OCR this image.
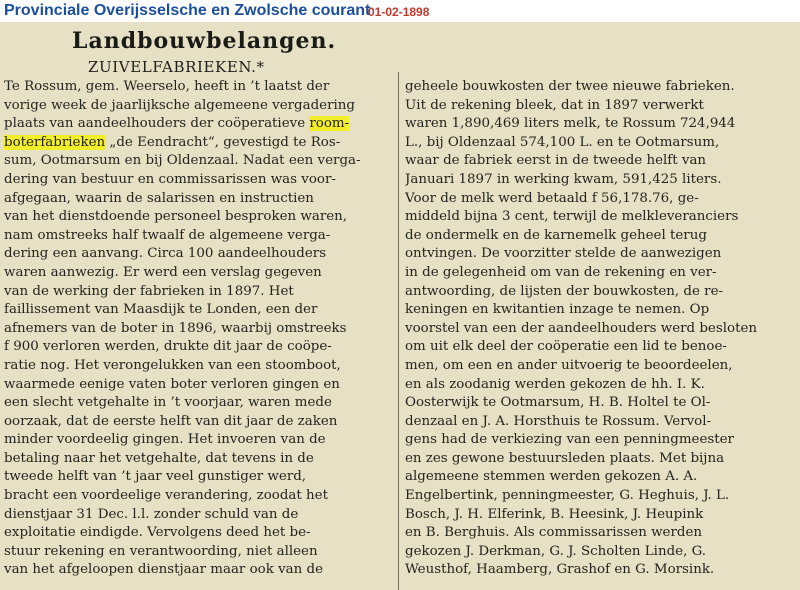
Provinciale Overijsselsche en Zwolsche courant
01-02-1898
Landbouwbelangen.
ZUIVELFABRIEKEN.*
Te Rossum, gem. Weerselo, heeft in ’t laatst der
vorige week de jaarlijksche algemeene vergadering
plaats van aandeelhouders der coöperatieve room-
boterfabrieken „de Eendracht“, gevestigd te Ros-
sum, Ootmarsum en bij Oldenzaal. Nadat een verga-
dering van bestuur en commissarissen was voor-
afgegaan, waarin de salarissen en instructien
van het dienstdoende personeel besproken waren,
nam omstreeks half twaalf de algemeene verga-
dering een aanvang. Circa 100 aandeelhouders
waren aanwezig. Er werd een verslag gegeven
van de werking der fabrieken in 1897. Het
faillissement van Maasdijk te Londen, een der
afnemers van de boter in 1896, waarbij omstreeks
f 900 verloren werden, drukte dit jaar de coöpe-
ratie nog. Het verongelukken van een stoomboot,
waarmede eenige vaten boter verloren gingen en
een slecht vetgehalte in ’t voorjaar, waren mede
oorzaak, dat de eerste helft van dit jaar de zaken
minder voordeelig gingen. Het invoeren van de
betaling naar het vetgehalte, dat tevens in de
tweede helft van ’t jaar veel gunstiger werd,
bracht een voordeelige verandering, zoodat het
dienstjaar 31 Dec. l.l. zonder schuld van de
exploitatie eindigde. Vervolgens deed het be-
stuur rekening en verantwoording, niet alleen
van het afgeloopen dienstjaar maar ook van de
geheele bouwkosten der twee nieuwe fabrieken.
Uit de rekening bleek, dat in 1897 verwerkt
waren 1,890,469 liters melk, te Rossum 724,944
L., bij Oldenzaal 574,100 L. en te Ootmarsum,
waar de fabriek eerst in de tweede helft van
Januari 1897 in werking kwam, 591,425 liters.
Voor de melk werd betaald f 56,178.76, ge-
middeld bijna 3 cent, terwijl de melkleveranciers
de ondermelk en de karnemelk geheel terug
ontvingen. De voorzitter stelde de aanwezigen
in de gelegenheid om van de rekening en ver-
antwoording, de lijsten der bouwkosten, de re-
keningen en kwitantien inzage te nemen. Op
voorstel van een der aandeelhouders werd besloten
om uit elk deel der coöperatie een lid te benoe-
men, om een en ander uitvoerig te beoordeelen,
en als zoodanig werden gekozen de hh. I. K.
Oosterwijk te Ootmarsum, H. B. Holtel te Ol-
denzaal en J. A. Horsthuis te Rossum. Vervol-
gens had de verkiezing van een penningmeester
en zes gewone bestuursleden plaats. Met bijna
algemeene stemmen werden gekozen A. A.
Engelbertink, penningmeester, G. Heghuis, J. L.
Bosch, J. H. Elferink, B. Heesink, J. Heupink
en B. Berghuis. Als commissarissen werden
gekozen J. Derkman, G. J. Scholten Linde, G.
Weusthof, Haamberg, Grashof en G. Morsink.
